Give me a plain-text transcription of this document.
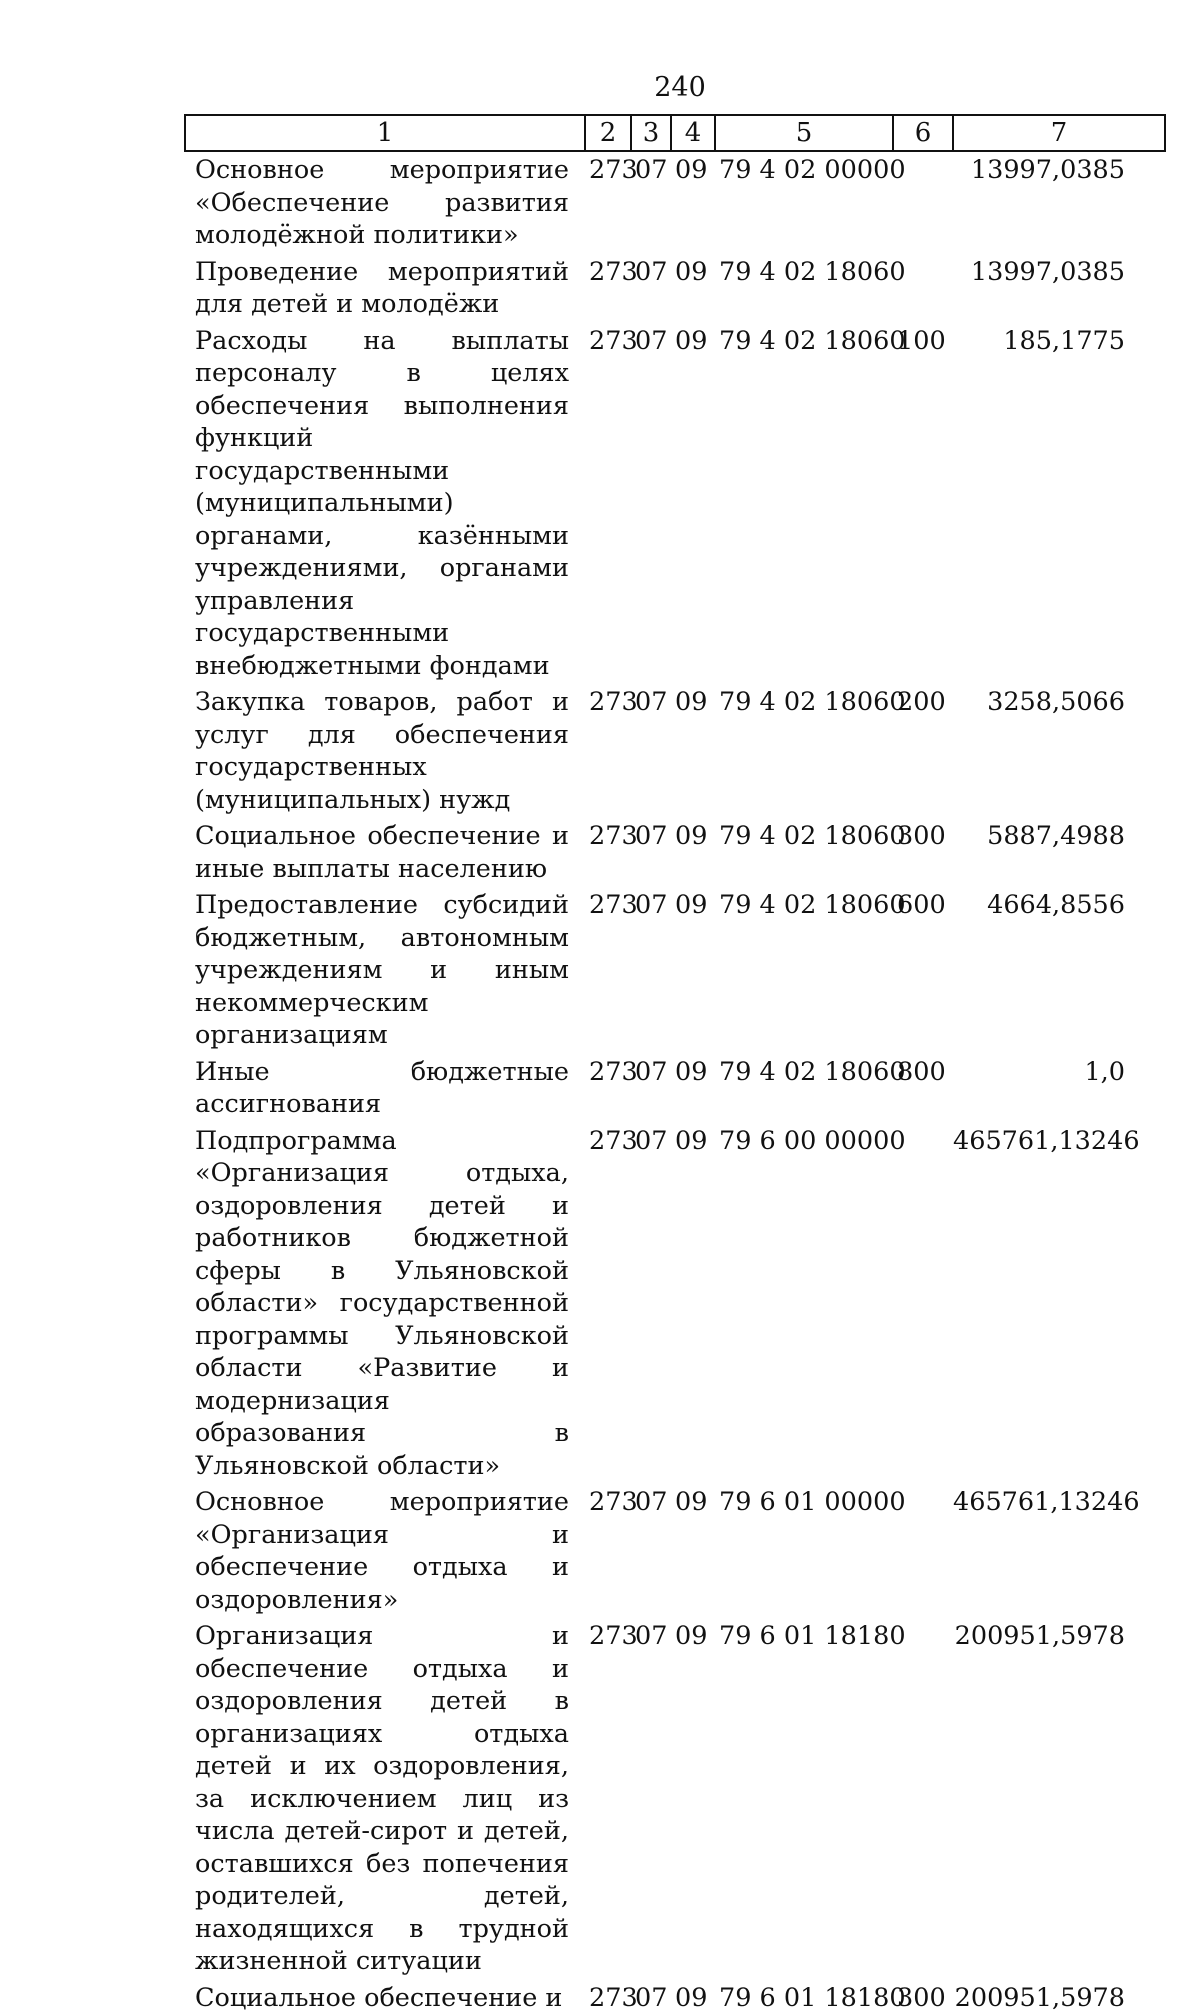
240
1	2	3	4	5	6	7
Основное мероприятие «Обеспечение развития молодёжной политики»	273	07	09	79 4 02 00000		13997,0385
Проведение мероприятий для детей и молодёжи	273	07	09	79 4 02 18060		13997,0385
Расходы на выплаты персоналу в целях обеспечения выполнения функций государственными (муниципальными) органами, казёнными учреждениями, органами управления государственными внебюджетными фондами	273	07	09	79 4 02 18060	100	185,1775
Закупка товаров, работ и услуг для обеспечения государственных (муниципальных) нужд	273	07	09	79 4 02 18060	200	3258,5066
Социальное обеспечение и иные выплаты населению	273	07	09	79 4 02 18060	300	5887,4988
Предоставление субсидий бюджетным, автономным учреждениям и иным некоммерческим организациям	273	07	09	79 4 02 18060	600	4664,8556
Иные бюджетные ассигнования	273	07	09	79 4 02 18060	800	1,0
Подпрограмма «Организация отдыха, оздоровления детей и работников бюджетной сферы в Ульяновской области» государственной программы Ульяновской области «Развитие и модернизация образования в Ульяновской области»	273	07	09	79 6 00 00000		465761,13246
Основное мероприятие «Организация и обеспечение отдыха и оздоровления»	273	07	09	79 6 01 00000		465761,13246
Организация и обеспечение отдыха и оздоровления детей в организациях отдыха детей и их оздоровления, за исключением лиц из числа детей-сирот и детей, оставшихся без попечения родителей, детей, находящихся в трудной жизненной ситуации	273	07	09	79 6 01 18180		200951,5978
Социальное обеспечение и	273	07	09	79 6 01 18180	300	200951,5978
